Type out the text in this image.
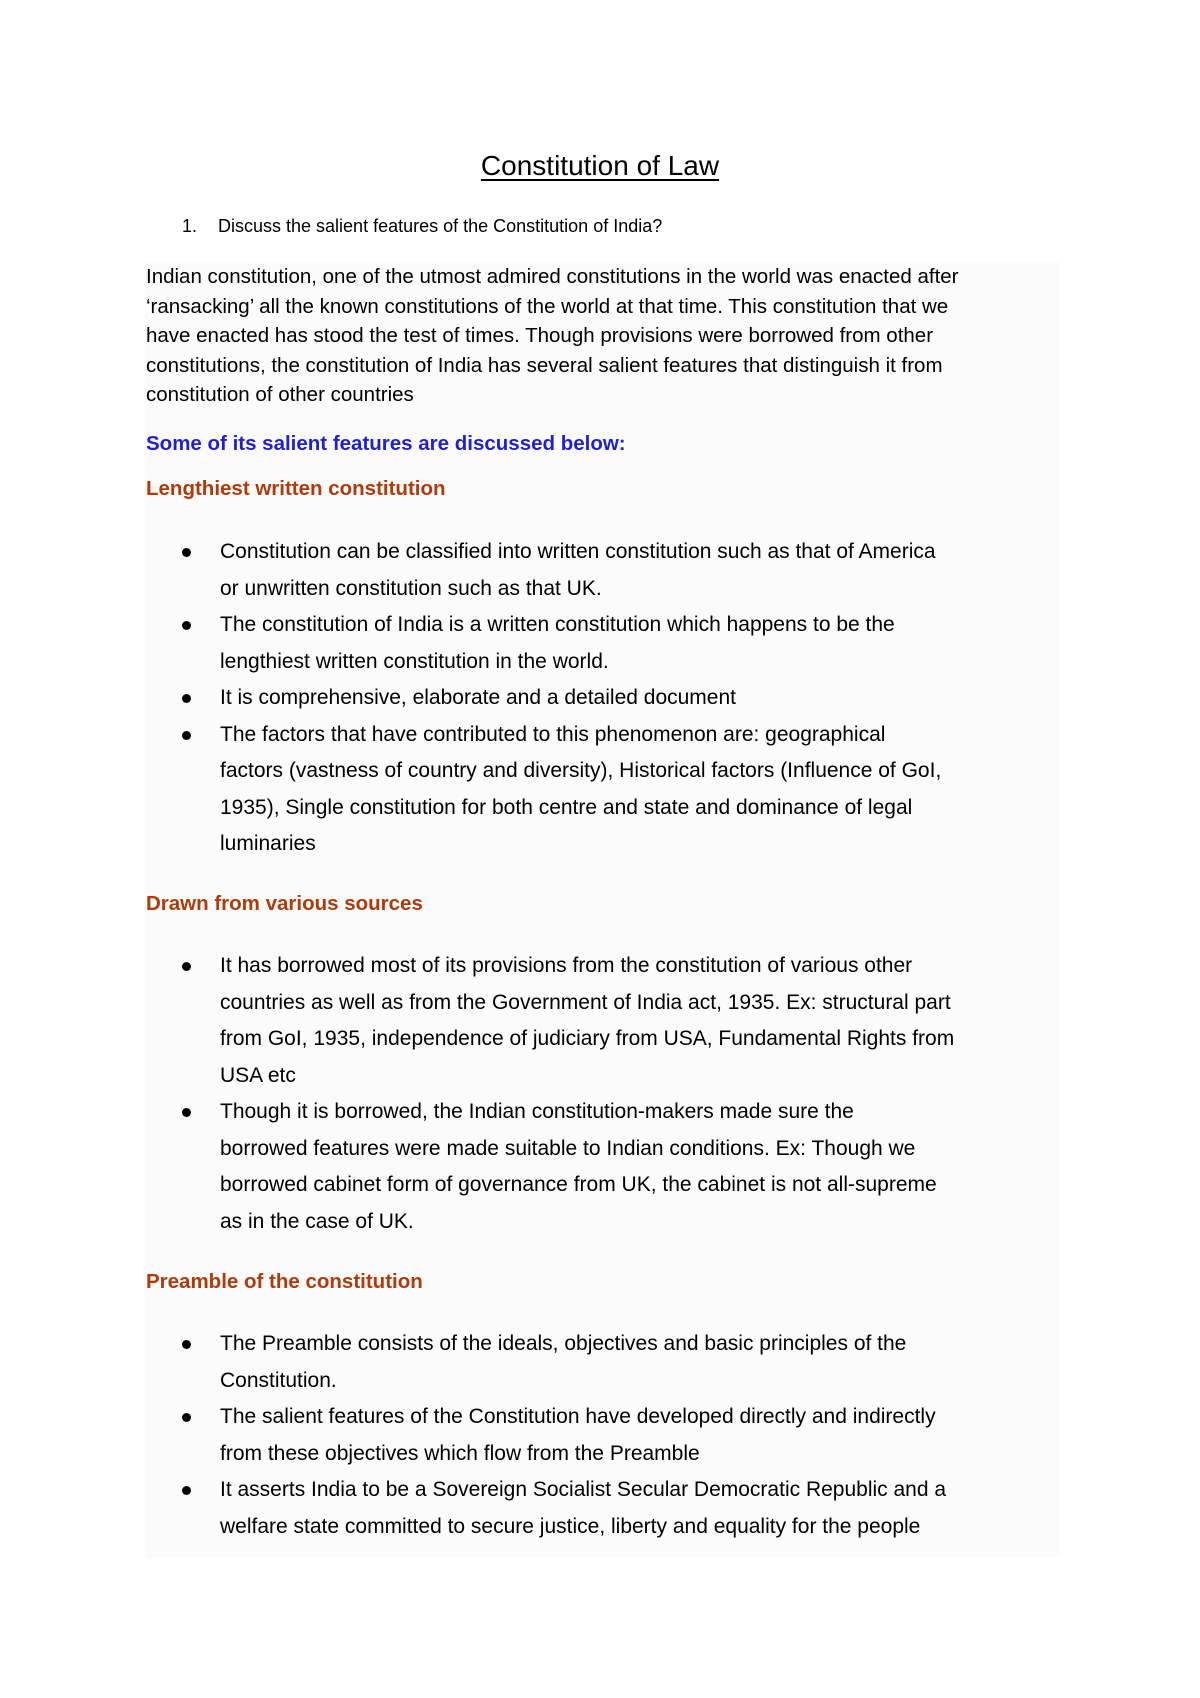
Constitution of Law
1.	Discuss the salient features of the Constitution of India?

Indian constitution, one of the utmost admired constitutions in the world was enacted after
‘ransacking’ all the known constitutions of the world at that time. This constitution that we
have enacted has stood the test of times. Though provisions were borrowed from other
constitutions, the constitution of India has several salient features that distinguish it from
constitution of other countries

Some of its salient features are discussed below:
Lengthiest written constitution
Constitution can be classified into written constitution such as that of America
or unwritten constitution such as that UK.
The constitution of India is a written constitution which happens to be the
lengthiest written constitution in the world.
It is comprehensive, elaborate and a detailed document
The factors that have contributed to this phenomenon are: geographical
factors (vastness of country and diversity), Historical factors (Influence of GoI,
1935), Single constitution for both centre and state and dominance of legal
luminaries
Drawn from various sources
It has borrowed most of its provisions from the constitution of various other
countries as well as from the Government of India act, 1935. Ex: structural part
from GoI, 1935, independence of judiciary from USA, Fundamental Rights from
USA etc
Though it is borrowed, the Indian constitution-makers made sure the
borrowed features were made suitable to Indian conditions. Ex: Though we
borrowed cabinet form of governance from UK, the cabinet is not all-supreme
as in the case of UK.
Preamble of the constitution
The Preamble consists of the ideals, objectives and basic principles of the
Constitution.
The salient features of the Constitution have developed directly and indirectly
from these objectives which flow from the Preamble
It asserts India to be a Sovereign Socialist Secular Democratic Republic and a
welfare state committed to secure justice, liberty and equality for the people
